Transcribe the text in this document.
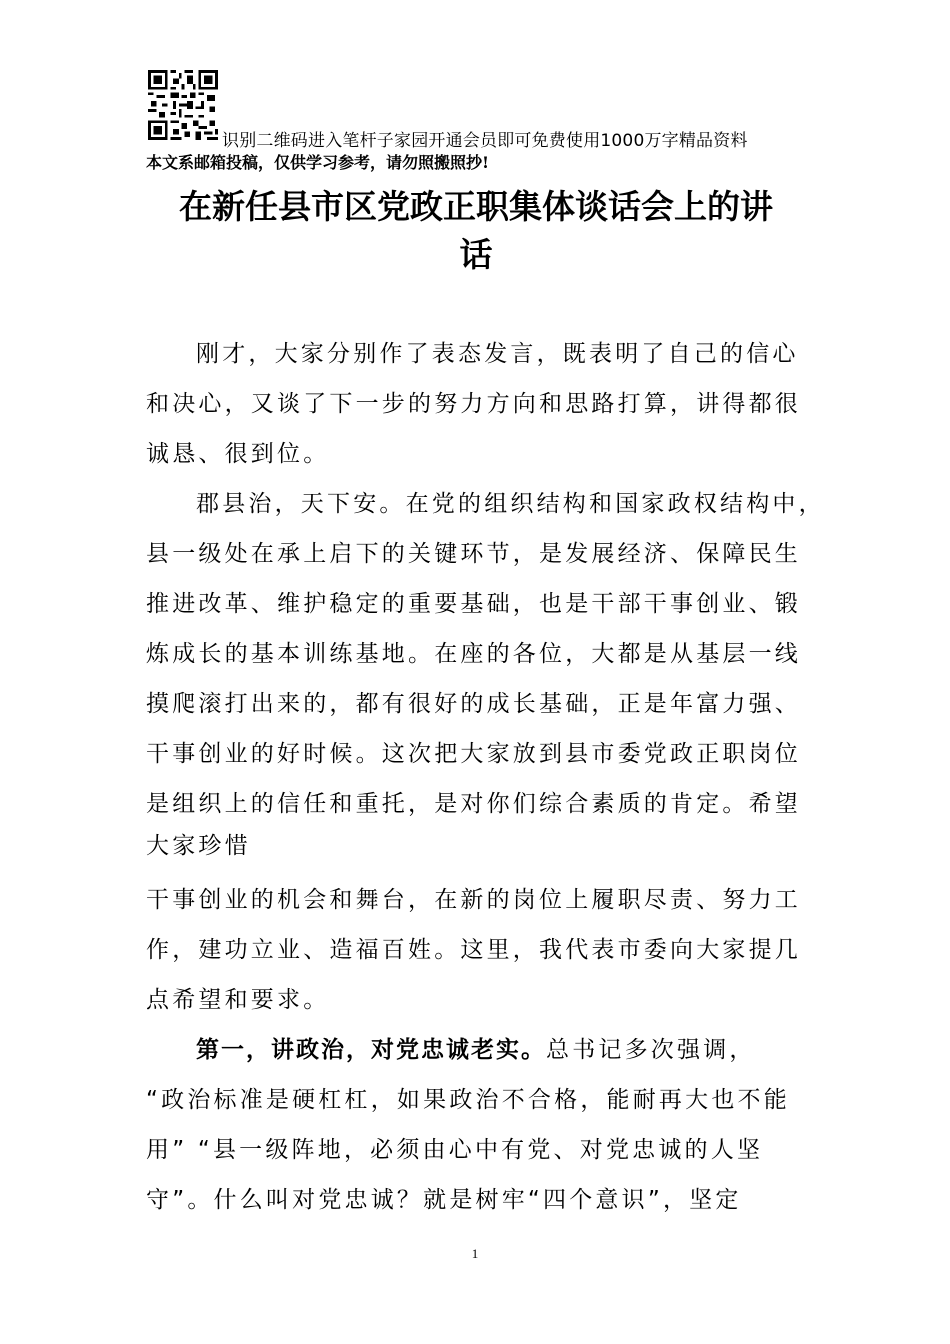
识别二维码进入笔杆子家园开通会员即可免费使用1000万字精品资料
本文系邮箱投稿，仅供学习参考，请勿照搬照抄!
在新任县市区党政正职集体谈话会上的讲
话
刚才，大家分别作了表态发言，既表明了自己的信心
和决心，又谈了下一步的努力方向和思路打算，讲得都很
诚恳、很到位。
郡县治，天下安。在党的组织结构和国家政权结构中，
县一级处在承上启下的关键环节，是发展经济、保障民生
推进改革、维护稳定的重要基础，也是干部干事创业、锻
炼成长的基本训练基地。在座的各位，大都是从基层一线
摸爬滚打出来的，都有很好的成长基础，正是年富力强、
干事创业的好时候。这次把大家放到县市委党政正职岗位
是组织上的信任和重托，是对你们综合素质的肯定。希望
大家珍惜
干事创业的机会和舞台，在新的岗位上履职尽责、努力工
作，建功立业、造福百姓。这里，我代表市委向大家提几
点希望和要求。
第一，讲政治，对党忠诚老实。总书记多次强调，
“政治标准是硬杠杠，如果政治不合格，能耐再大也不能
用” “县一级阵地，必须由心中有党、对党忠诚的人坚
守”。什么叫对党忠诚？就是树牢“四个意识”，坚定
1
